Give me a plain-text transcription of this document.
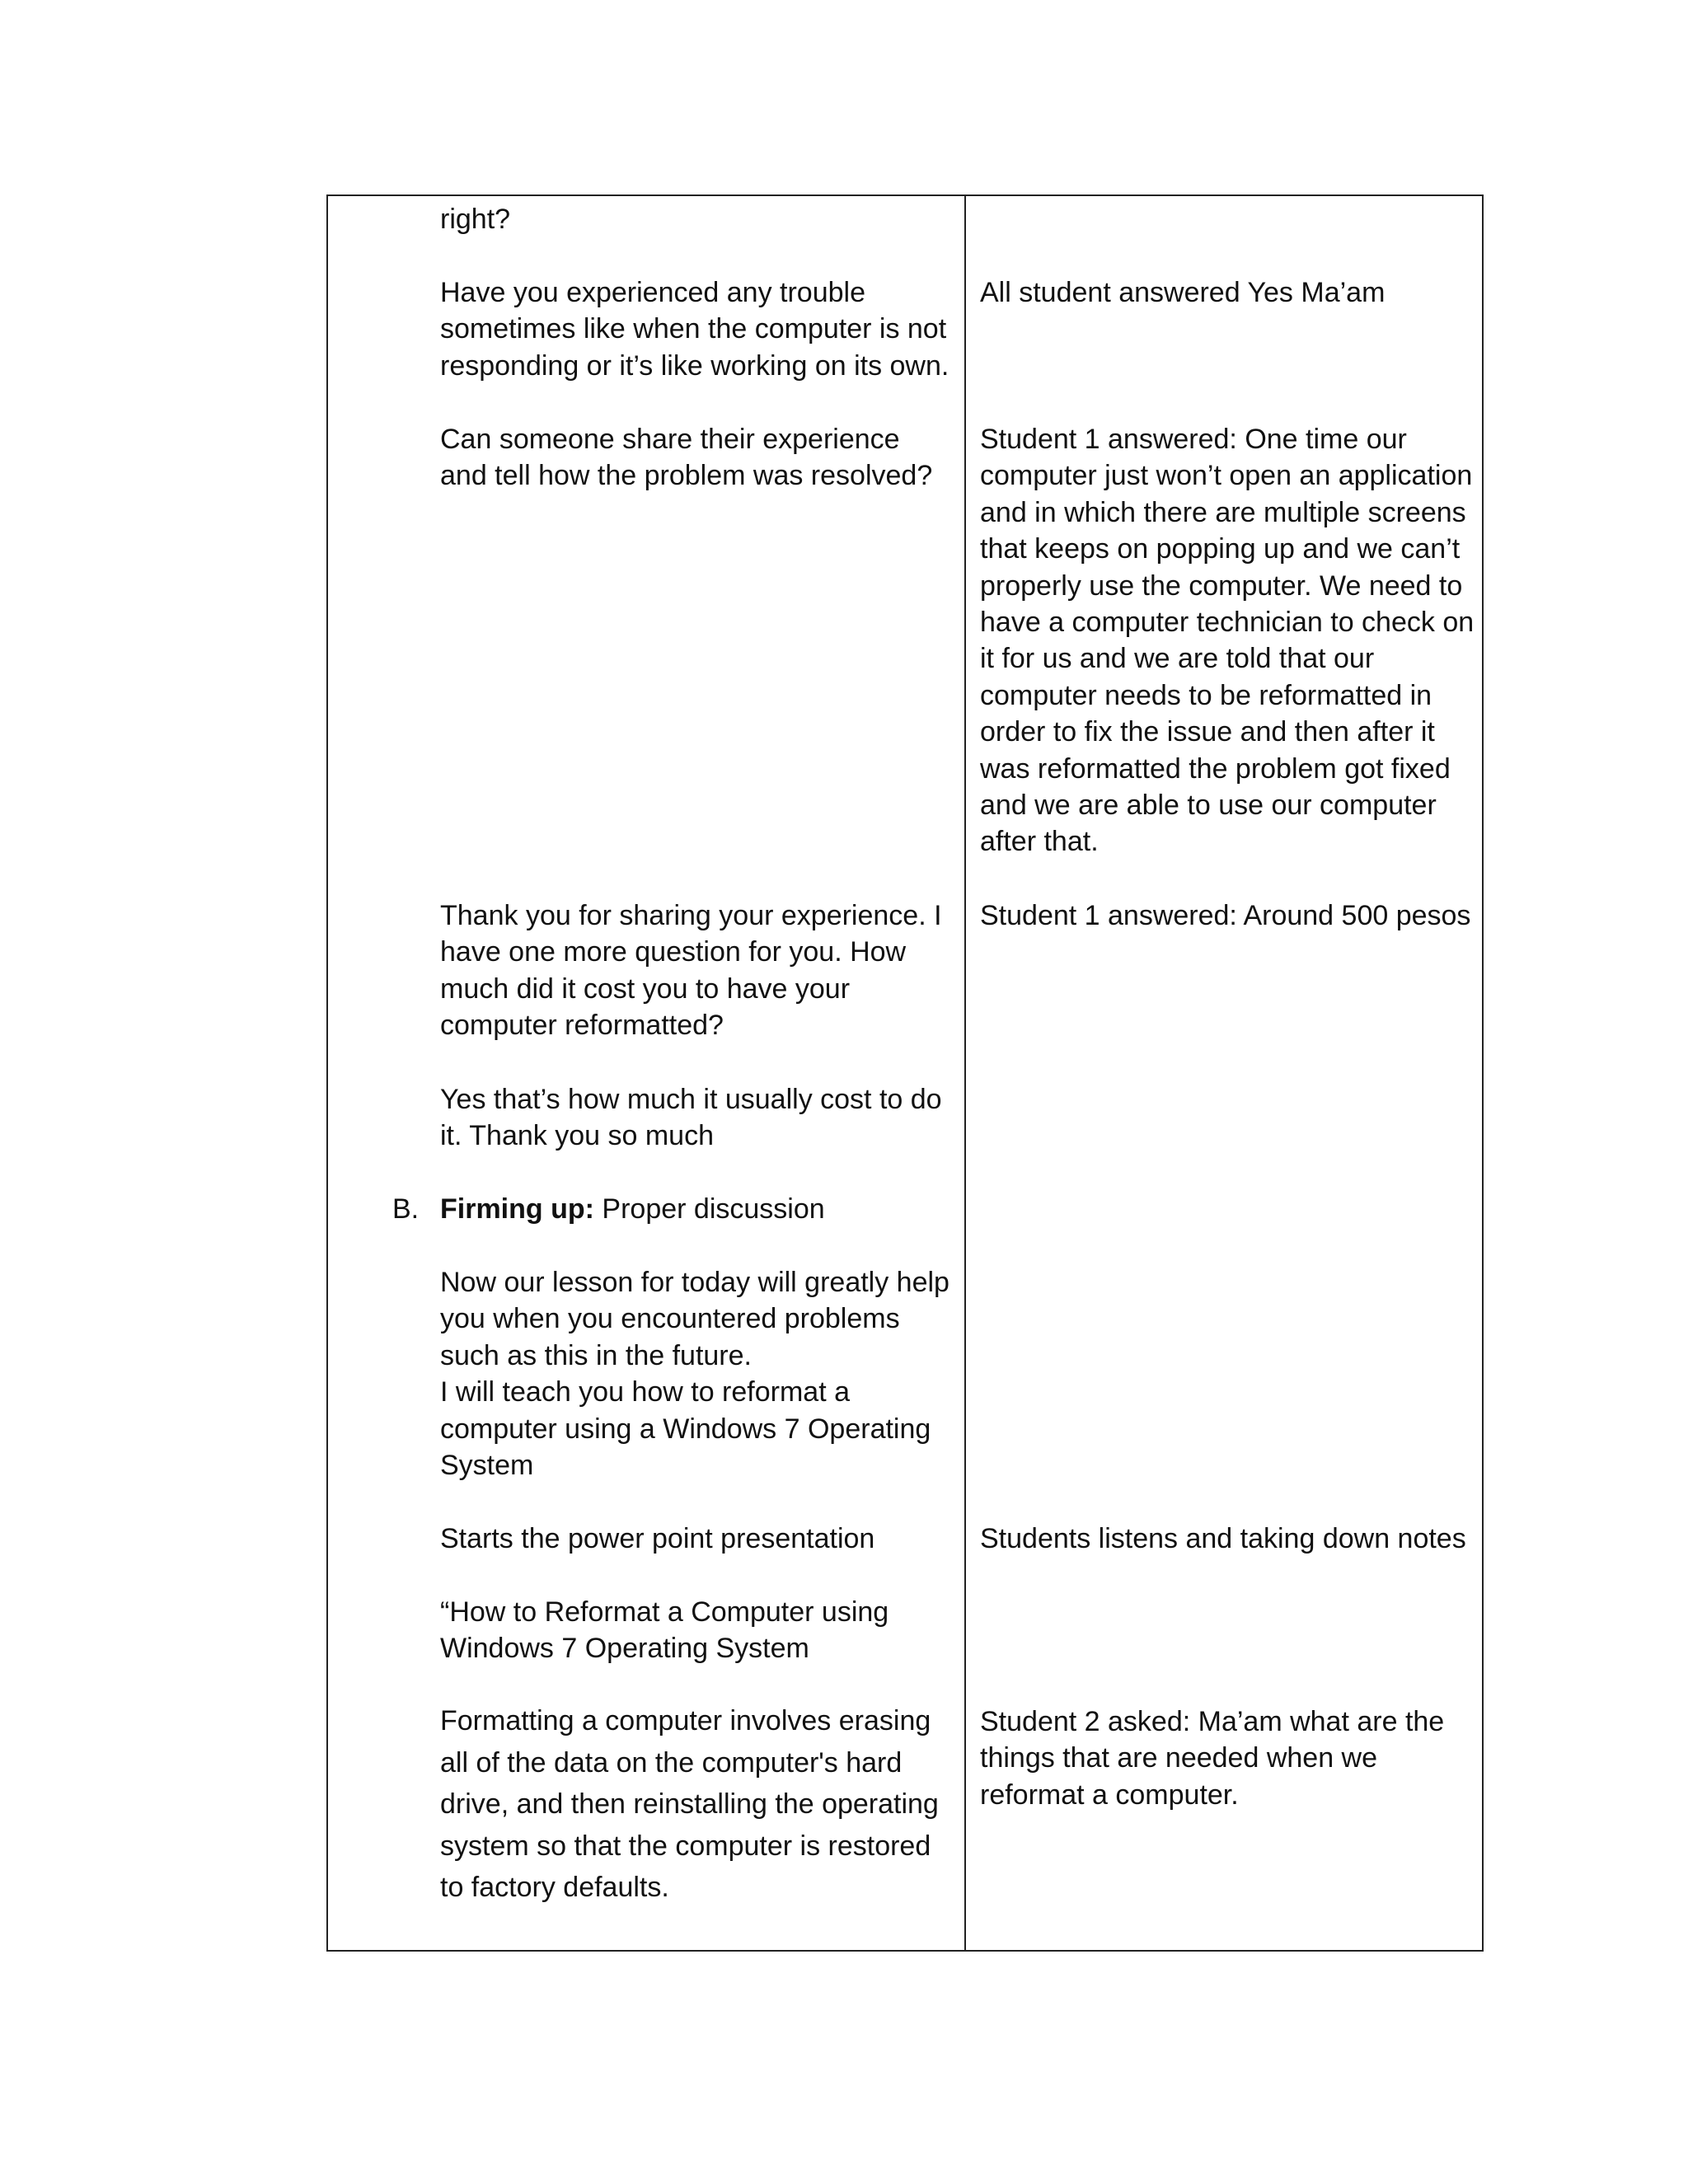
right?

Have you experienced any trouble sometimes like when the computer is not responding or it’s like working on its own.

Can someone share their experience and tell how the problem was resolved?

Thank you for sharing your experience. I have one more question for you. How much did it cost you to have your computer reformatted?

Yes that’s how much it usually cost to do it. Thank you so much

B. Firming up: Proper discussion

Now our lesson for today will greatly help you when you encountered problems such as this in the future.
I will teach you how to reformat a computer using a Windows 7 Operating System

Starts the power point presentation

“How to Reformat a Computer using Windows 7 Operating System

Formatting a computer involves erasing all of the data on the computer's hard drive, and then reinstalling the operating system so that the computer is restored to factory defaults.

All student answered Yes Ma’am

Student 1 answered: One time our computer just won’t open an application and in which there are multiple screens that keeps on popping up and we can’t properly use the computer. We need to have a computer technician to check on it for us and we are told that our computer needs to be reformatted in order to fix the issue and then after it was reformatted the problem got fixed and we are able to use our computer after that.

Student 1 answered: Around 500 pesos

Students listens and taking down notes

Student 2 asked: Ma’am what are the things that are needed when we reformat a computer.
